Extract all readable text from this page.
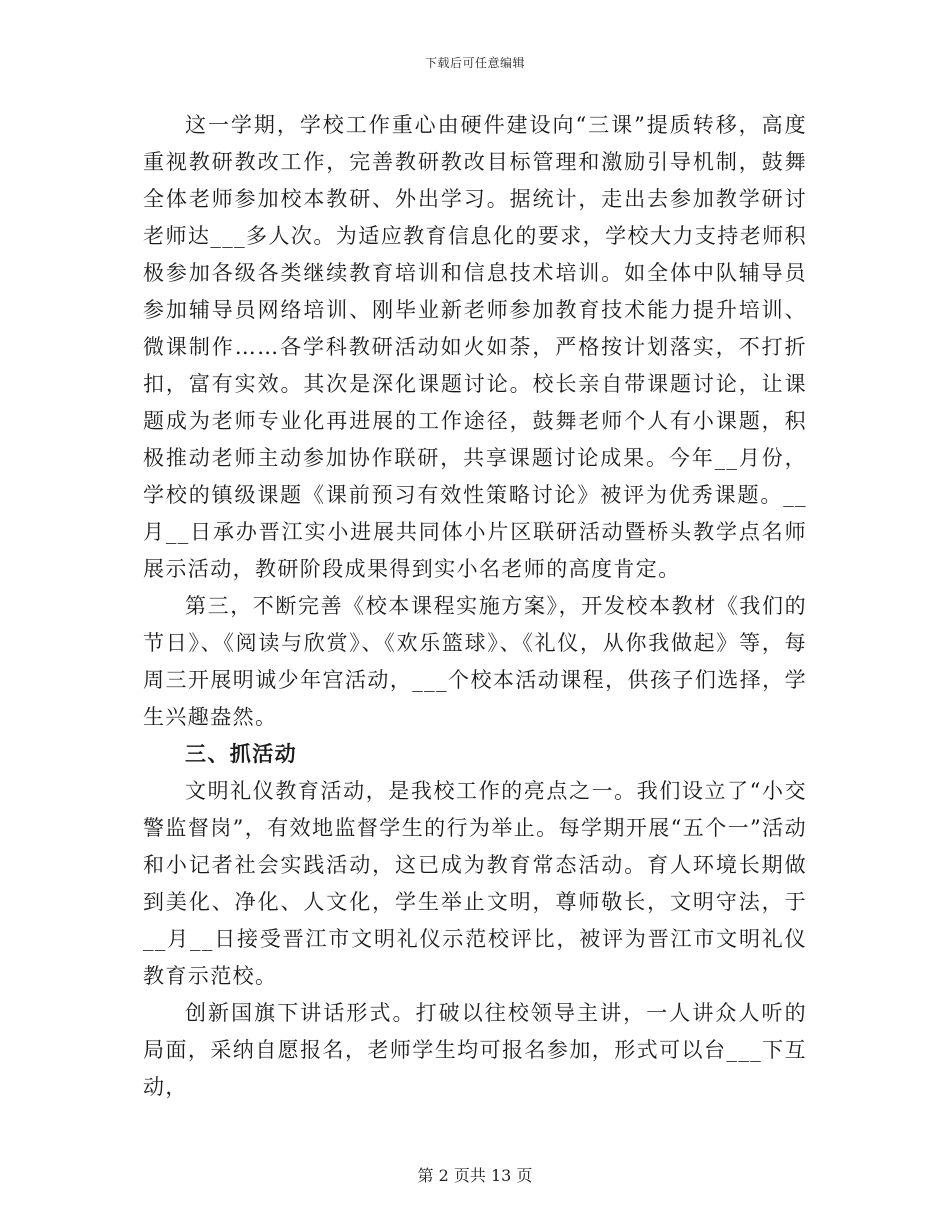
下载后可任意编辑

这一学期，学校工作重心由硬件建设向“三课”提质转移，高度重视教研教改工作，完善教研教改目标管理和激励引导机制，鼓舞全体老师参加校本教研、外出学习。据统计，走出去参加教学研讨老师达___多人次。为适应教育信息化的要求，学校大力支持老师积极参加各级各类继续教育培训和信息技术培训。如全体中队辅导员参加辅导员网络培训、刚毕业新老师参加教育技术能力提升培训、微课制作……各学科教研活动如火如荼，严格按计划落实，不打折扣，富有实效。其次是深化课题讨论。校长亲自带课题讨论，让课题成为老师专业化再进展的工作途径，鼓舞老师个人有小课题，积极推动老师主动参加协作联研，共享课题讨论成果。今年__月份，学校的镇级课题《课前预习有效性策略讨论》被评为优秀课题。__月__日承办晋江实小进展共同体小片区联研活动暨桥头教学点名师展示活动，教研阶段成果得到实小名老师的高度肯定。

第三，不断完善《校本课程实施方案》，开发校本教材《我们的节日》、《阅读与欣赏》、《欢乐篮球》、《礼仪，从你我做起》等，每周三开展明诚少年宫活动，___个校本活动课程，供孩子们选择，学生兴趣盎然。

三、抓活动

文明礼仪教育活动，是我校工作的亮点之一。我们设立了“小交警监督岗”，有效地监督学生的行为举止。每学期开展“五个一”活动和小记者社会实践活动，这已成为教育常态活动。育人环境长期做到美化、净化、人文化，学生举止文明，尊师敬长，文明守法，于__月__日接受晋江市文明礼仪示范校评比，被评为晋江市文明礼仪教育示范校。

创新国旗下讲话形式。打破以往校领导主讲，一人讲众人听的局面，采纳自愿报名，老师学生均可报名参加，形式可以台___下互动，

第 2 页共 13 页
